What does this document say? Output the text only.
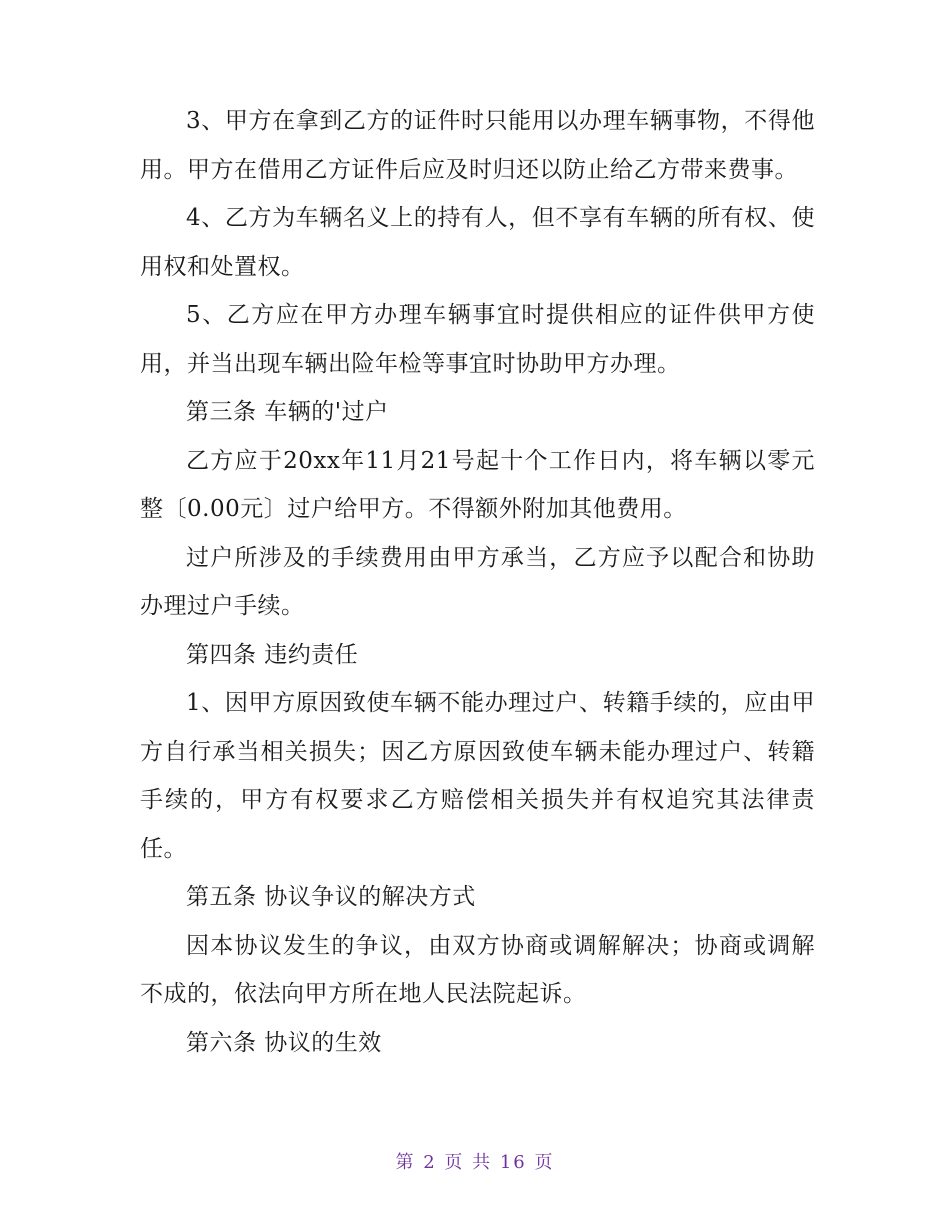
3、甲方在拿到乙方的证件时只能用以办理车辆事物，不得他用。甲方在借用乙方证件后应及时归还以防止给乙方带来费事。

4、乙方为车辆名义上的持有人，但不享有车辆的所有权、使用权和处置权。

5、乙方应在甲方办理车辆事宜时提供相应的证件供甲方使用，并当出现车辆出险年检等事宜时协助甲方办理。

第三条 车辆的'过户

乙方应于20xx年11月21号起十个工作日内，将车辆以零元整〔0.00元〕过户给甲方。不得额外附加其他费用。

过户所涉及的手续费用由甲方承当，乙方应予以配合和协助办理过户手续。

第四条 违约责任

1、因甲方原因致使车辆不能办理过户、转籍手续的，应由甲方自行承当相关损失；因乙方原因致使车辆未能办理过户、转籍手续的，甲方有权要求乙方赔偿相关损失并有权追究其法律责任。

第五条 协议争议的解决方式

因本协议发生的争议，由双方协商或调解解决；协商或调解不成的，依法向甲方所在地人民法院起诉。

第六条 协议的生效

第 2 页 共 16 页
